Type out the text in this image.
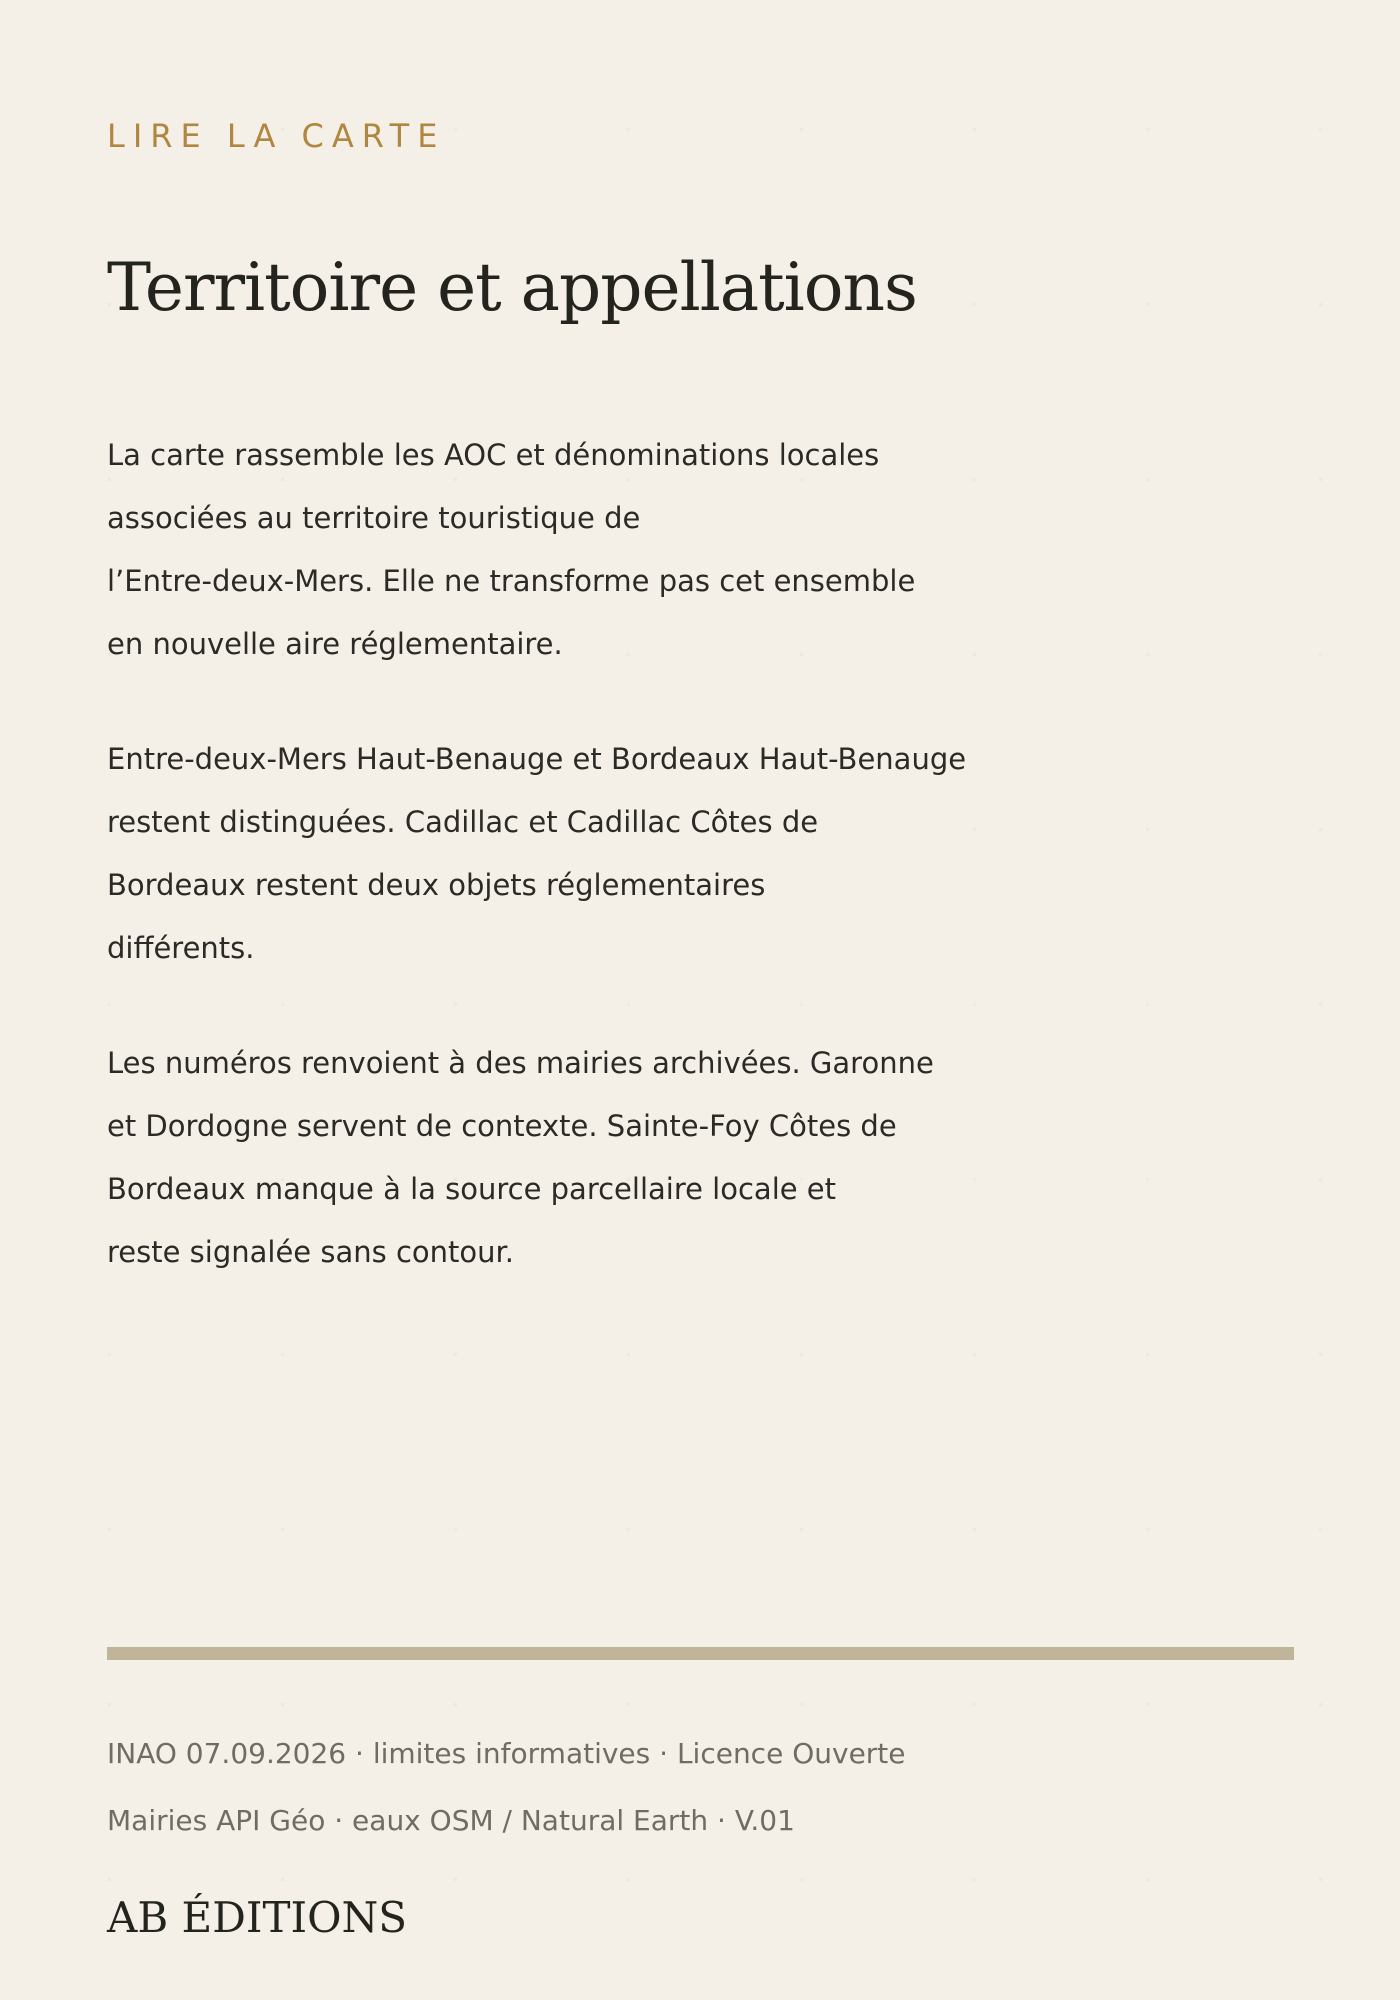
LIRE LA CARTE

Territoire et appellations

La carte rassemble les AOC et dénominations locales
associées au territoire touristique de
l’Entre-deux-Mers. Elle ne transforme pas cet ensemble
en nouvelle aire réglementaire.

Entre-deux-Mers Haut-Benauge et Bordeaux Haut-Benauge
restent distinguées. Cadillac et Cadillac Côtes de
Bordeaux restent deux objets réglementaires
différents.

Les numéros renvoient à des mairies archivées. Garonne
et Dordogne servent de contexte. Sainte-Foy Côtes de
Bordeaux manque à la source parcellaire locale et
reste signalée sans contour.

INAO 07.09.2026 · limites informatives · Licence Ouverte
Mairies API Géo · eaux OSM / Natural Earth · V.01

AB ÉDITIONS
